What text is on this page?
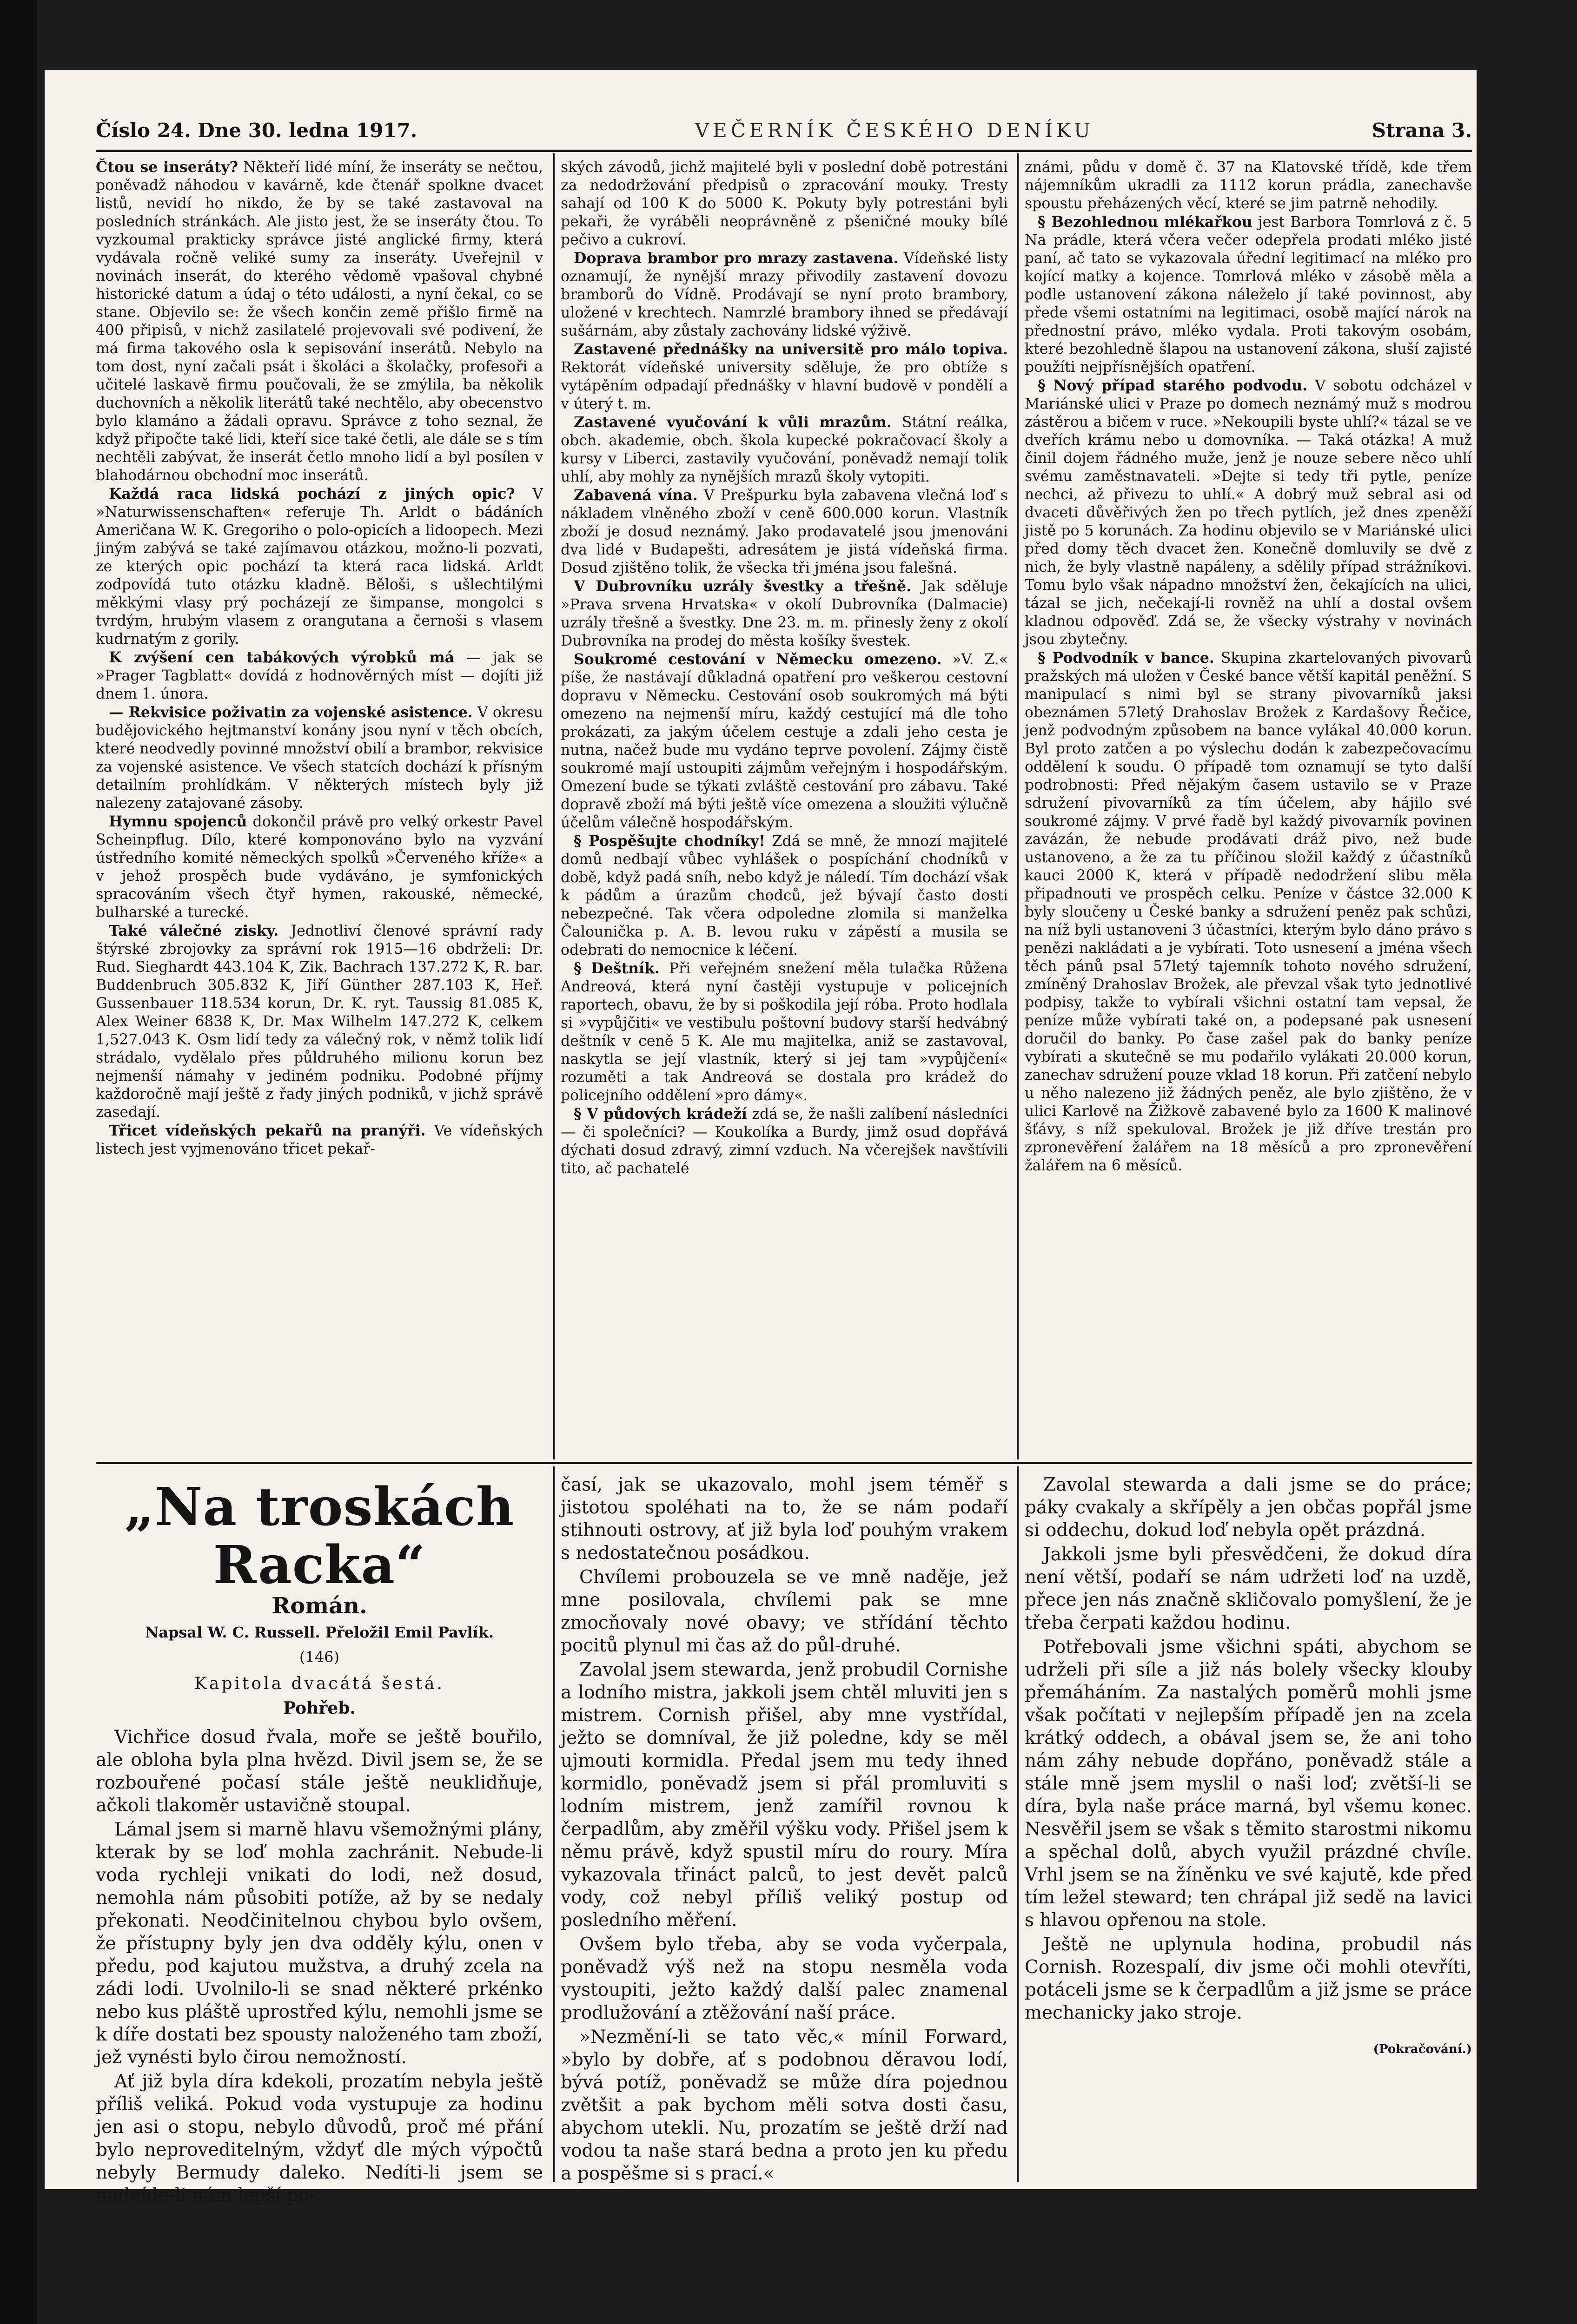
Číslo 24. Dne 30. ledna 1917.	VEČERNÍK ČESKÉHO DENÍKU	Strana 3.

Čtou se inseráty? Někteří lidé míní, že inseráty se nečtou, poněvadž náhodou v kavárně, kde čtenář spolkne dvacet listů, nevidí ho nikdo, že by se také zastavoval na posledních stránkách. Ale jisto jest, že se inseráty čtou. To vyzkoumal prakticky správce jisté anglické firmy, která vydávala ročně veliké sumy za inseráty. Uveřejnil v novinách inserát, do kterého vědomě vpašoval chybné historické datum a údaj o této události, a nyní čekal, co se stane. Objevilo se: že všech končin země přišlo firmě na 400 připisů, v nichž zasilatelé projevovali své podivení, že má firma takového osla k sepisování inserátů. Nebylo na tom dost, nyní začali psát i školáci a školačky, profesoři a učitelé laskavě firmu poučovali, že se zmýlila, ba několik duchovních a několik literátů také nechtělo, aby obecenstvo bylo klamáno a žádali opravu. Správce z toho seznal, že když připočte také lidi, kteří sice také četli, ale dále se s tím nechtěli zabývat, že inserát četlo mnoho lidí a byl posílen v blahodárnou obchodní moc inserátů.

Každá raca lidská pochází z jiných opic? V »Naturwissenschaften« referuje Th. Arldt o bádáních Američana W. K. Gregoriho o polo-opicích a lidoopech. Mezi jiným zabývá se také zajímavou otázkou, možno-li pozvati, ze kterých opic pochází ta která raca lidská. Arldt zodpovídá tuto otázku kladně. Běloši, s ušlechtilými měkkými vlasy prý pocházejí ze šimpanse, mongolci s tvrdým, hrubým vlasem z orangutana a černoši s vlasem kudrnatým z gorily.

K zvýšení cen tabákových výrobků má — jak se »Prager Tagblatt« dovídá z hodnověrných míst — dojíti již dnem 1. února.

— Rekvisice poživatin za vojenské asistence. V okresu budějovického hejtmanství konány jsou nyní v těch obcích, které neodvedly povinné množství obilí a brambor, rekvisice za vojenské asistence. Ve všech statcích dochází k přísným detailním prohlídkám. V některých místech byly již nalezeny zatajované zásoby.

Hymnu spojenců dokončil právě pro velký orkestr Pavel Scheinpflug. Dílo, které komponováno bylo na vyzvání ústředního komité německých spolků »Červeného kříže« a v jehož prospěch bude vydáváno, je symfonických spracováním všech čtyř hymen, rakouské, německé, bulharské a turecké.

Také válečné zisky. Jednotliví členové správní rady štýrské zbrojovky za správní rok 1915—16 obdrželi: Dr. Rud. Sieghardt 443.104 K, Zik. Bachrach 137.272 K, R. bar. Buddenbruch 305.832 K, Jiří Günther 287.103 K, Heř. Gussenbauer 118.534 korun, Dr. K. ryt. Taussig 81.085 K, Alex Weiner 6838 K, Dr. Max Wilhelm 147.272 K, celkem 1,527.043 K. Osm lidí tedy za válečný rok, v němž tolik lidí strádalo, vydělalo přes půldruhého milionu korun bez nejmenší námahy v jediném podniku. Podobné příjmy každoročně mají ještě z řady jiných podniků, v jichž správě zasedají.

Třicet vídeňských pekařů na pranýři. Ve vídeňských listech jest vyjmenováno třicet pekař-

ských závodů, jichž majitelé byli v poslední době potrestáni za nedodržování předpisů o zpracování mouky. Tresty sahají od 100 K do 5000 K. Pokuty byly potrestáni byli pekaři, že vyráběli neoprávněně z pšeničné mouky bílé pečivo a cukroví.

Doprava brambor pro mrazy zastavena. Vídeňské listy oznamují, že nynější mrazy přivodily zastavení dovozu bramborů do Vídně. Prodávají se nyní proto brambory, uložené v krechtech. Namrzlé brambory ihned se předávají sušárnám, aby zůstaly zachovány lidské výživě.

Zastavené přednášky na universitě pro málo topiva. Rektorát vídeňské university sděluje, že pro obtíže s vytápěním odpadají přednášky v hlavní budově v pondělí a v úterý t. m.

Zastavené vyučování k vůli mrazům. Státní reálka, obch. akademie, obch. škola kupecké pokračovací školy a kursy v Liberci, zastavily vyučování, poněvadž nemají tolik uhlí, aby mohly za nynějších mrazů školy vytopiti.

Zabavená vína. V Prešpurku byla zabavena vlečná loď s nákladem vlněného zboží v ceně 600.000 korun. Vlastník zboží je dosud neznámý. Jako prodavatelé jsou jmenováni dva lidé v Budapešti, adresátem je jistá vídeňská firma. Dosud zjištěno tolik, že všecka tři jména jsou falešná.

V Dubrovníku uzrály švestky a třešně. Jak sděluje »Prava srvena Hrvatska« v okolí Dubrovníka (Dalmacie) uzrály třešně a švestky. Dne 23. m. m. přinesly ženy z okolí Dubrovníka na prodej do města košíky švestek.

Soukromé cestování v Německu omezeno. »V. Z.« píše, že nastávají důkladná opatření pro veškerou cestovní dopravu v Německu. Cestování osob soukromých má býti omezeno na nejmenší míru, každý cestující má dle toho prokázati, za jakým účelem cestuje a zdali jeho cesta je nutna, načež bude mu vydáno teprve povolení. Zájmy čistě soukromé mají ustoupiti zájmům veřejným i hospodářským. Omezení bude se týkati zvláště cestování pro zábavu. Také dopravě zboží má býti ještě více omezena a sloužiti výlučně účelům válečně hospodářským.

§ Pospěšujte chodníky! Zdá se mně, že mnozí majitelé domů nedbají vůbec vyhlášek o pospíchání chodníků v době, když padá sníh, nebo když je náledí. Tím dochází však k pádům a úrazům chodců, jež bývají často dosti nebezpečné. Tak včera odpoledne zlomila si manželka Čalounička p. A. B. levou ruku v zápěstí a musila se odebrati do nemocnice k léčení.

§ Deštník. Při veřejném snežení měla tulačka Růžena Andreová, která nyní častěji vystupuje v policejních raportech, obavu, že by si poškodila její róba. Proto hodlala si »vypůjčiti« ve vestibulu poštovní budovy starší hedvábný deštník v ceně 5 K. Ale mu majitelka, aniž se zastavoval, naskytla se její vlastník, který si jej tam »vypůjčení« rozuměti a tak Andreová se dostala pro krádež do policejního oddělení »pro dámy«.

§ V půdových krádeží zdá se, že našli zalíbení následníci — či společníci? — Koukolíka a Burdy, jimž osud dopřává dýchati dosud zdravý, zimní vzduch. Na včerejšek navštívili tito, ač pachatelé

známi, půdu v domě č. 37 na Klatovské třídě, kde třem nájemníkům ukradli za 1112 korun prádla, zanechavše spoustu přeházených věcí, které se jim patrně nehodily.

§ Bezohlednou mlékařkou jest Barbora Tomrlová z č. 5 Na prádle, která včera večer odepřela prodati mléko jisté paní, ač tato se vykazovala úřední legitimací na mléko pro kojící matky a kojence. Tomrlová mléko v zásobě měla a podle ustanovení zákona náleželo jí také povinnost, aby přede všemi ostatními na legitimaci, osobě mající nárok na přednostní právo, mléko vydala. Proti takovým osobám, které bezohledně šlapou na ustanovení zákona, sluší zajisté použíti nejpřísnějších opatření.

§ Nový případ starého podvodu. V sobotu odcházel v Mariánské ulici v Praze po domech neznámý muž s modrou zástěrou a bičem v ruce. »Nekoupili byste uhlí?« tázal se ve dveřích krámu nebo u domovníka. — Taká otázka! A muž činil dojem řádného muže, jenž je nouze sebere něco uhlí svému zaměstnavateli. »Dejte si tedy tři pytle, peníze nechci, až přivezu to uhlí.« A dobrý muž sebral asi od dvaceti důvěřivých žen po třech pytlích, jež dnes zpeněží jistě po 5 korunách. Za hodinu objevilo se v Mariánské ulici před domy těch dvacet žen. Konečně domluvily se dvě z nich, že byly vlastně napáleny, a sdělily případ strážníkovi. Tomu bylo však nápadno množství žen, čekajících na ulici, tázal se jich, nečekají-li rovněž na uhlí a dostal ovšem kladnou odpověď. Zdá se, že všecky výstrahy v novinách jsou zbytečny.

§ Podvodník v bance. Skupina zkartelovaných pivovarů pražských má uložen v České bance větší kapitál peněžní. S manipulací s nimi byl se strany pivovarníků jaksi obeznámen 57letý Drahoslav Brožek z Kardašovy Řečice, jenž podvodným způsobem na bance vylákal 40.000 korun. Byl proto zatčen a po výslechu dodán k zabezpečovacímu oddělení k soudu. O případě tom oznamují se tyto další podrobnosti: Před nějakým časem ustavilo se v Praze sdružení pivovarníků za tím účelem, aby hájilo své soukromé zájmy. V prvé řadě byl každý pivovarník povinen zavázán, že nebude prodávati dráž pivo, než bude ustanoveno, a že za tu příčinou složil každý z účastníků kauci 2000 K, která v případě nedodržení slibu měla připadnouti ve prospěch celku. Peníze v částce 32.000 K byly sloučeny u České banky a sdružení peněz pak schůzi, na níž byli ustanoveni 3 účastníci, kterým bylo dáno právo s penězi nakládati a je vybírati. Toto usnesení a jména všech těch pánů psal 57letý tajemník tohoto nového sdružení, zmíněný Drahoslav Brožek, ale převzal však tyto jednotlivé podpisy, takže to vybírali všichni ostatní tam vepsal, že peníze může vybírati také on, a podepsané pak usnesení doručil do banky. Po čase zašel pak do banky peníze vybírati a skutečně se mu podařilo vylákati 20.000 korun, zanechav sdružení pouze vklad 18 korun. Při zatčení nebylo u něho nalezeno již žádných peněz, ale bylo zjištěno, že v ulici Karlově na Žižkově zabavené bylo za 1600 K malinové šťávy, s níž spekuloval. Brožek je již dříve trestán pro zpronevěření žalářem na 18 měsíců a pro zpronevěření žalářem na 6 měsíců.

„Na troskách Racka“
Román.
Napsal W. C. Russell. Přeložil Emil Pavlík.
(146)
Kapitola dvacátá šestá.
Pohřeb.

Vichřice dosud řvala, moře se ještě bouřilo, ale obloha byla plna hvězd. Divil jsem se, že se rozbouřené počasí stále ještě neuklidňuje, ačkoli tlakoměr ustavičně stoupal.

Lámal jsem si marně hlavu všemožnými plány, kterak by se loď mohla zachránit. Nebude-li voda rychleji vnikati do lodi, než dosud, nemohla nám působiti potíže, až by se nedaly překonati. Neodčinitelnou chybou bylo ovšem, že přístupny byly jen dva odděly kýlu, onen v předu, pod kajutou mužstva, a druhý zcela na zádi lodi. Uvolnilo-li se snad některé prkénko nebo kus pláště uprostřed kýlu, nemohli jsme se k díře dostati bez spousty naloženého tam zboží, jež vynésti bylo čirou nemožností.

Ať již byla díra kdekoli, prozatím nebyla ještě příliš veliká. Pokud voda vystupuje za hodinu jen asi o stopu, nebylo důvodů, proč mé přání bylo neproveditelným, vždyť dle mých výpočtů nebyly Bermudy daleko. Nedíti-li jsem se nadeíde-li nám lepší po-

časí, jak se ukazovalo, mohl jsem téměř s jistotou spoléhati na to, že se nám podaří stihnouti ostrovy, ať již byla loď pouhým vrakem s nedostatečnou posádkou.

Chvílemi probouzela se ve mně naděje, jež mne posilovala, chvílemi pak se mne zmocňovaly nové obavy; ve střídání těchto pocitů plynul mi čas až do půl-druhé.

Zavolal jsem stewarda, jenž probudil Cornishe a lodního mistra, jakkoli jsem chtěl mluviti jen s mistrem. Cornish přišel, aby mne vystřídal, ježto se domníval, že již poledne, kdy se měl ujmouti kormidla. Předal jsem mu tedy ihned kormidlo, poněvadž jsem si přál promluviti s lodním mistrem, jenž zamířil rovnou k čerpadlům, aby změřil výšku vody. Přišel jsem k němu právě, když spustil míru do roury. Míra vykazovala třináct palců, to jest devět palců vody, což nebyl příliš veliký postup od posledního měření.

Ovšem bylo třeba, aby se voda vyčerpala, poněvadž výš než na stopu nesměla voda vystoupiti, ježto každý další palec znamenal prodlužování a ztěžování naší práce.

»Nezmění-li se tato věc,« mínil Forward, »bylo by dobře, ať s podobnou děravou lodí, bývá potíž, poněvadž se může díra pojednou zvětšit a pak bychom měli sotva dosti času, abychom utekli. Nu, prozatím se ještě drží nad vodou ta naše stará bedna a proto jen ku předu a pospěšme si s prací.«

Zavolal stewarda a dali jsme se do práce; páky cvakaly a skřípěly a jen občas popřál jsme si oddechu, dokud loď nebyla opět prázdná.

Jakkoli jsme byli přesvědčeni, že dokud díra není větší, podaří se nám udržeti loď na uzdě, přece jen nás značně skličovalo pomyšlení, že je třeba čerpati každou hodinu.

Potřebovali jsme všichni spáti, abychom se udrželi při síle a již nás bolely všecky klouby přemáháním. Za nastalých poměrů mohli jsme však počítati v nejlepším případě jen na zcela krátký oddech, a obával jsem se, že ani toho nám záhy nebude dopřáno, poněvadž stále a stále mně jsem myslil o naši loď; zvětší-li se díra, byla naše práce marná, byl všemu konec. Nesvěřil jsem se však s těmito starostmi nikomu a spěchal dolů, abych využil prázdné chvíle. Vrhl jsem se na žíněnku ve své kajutě, kde před tím ležel steward; ten chrápal již sedě na lavici s hlavou opřenou na stole.

Ještě ne uplynula hodina, probudil nás Cornish. Rozespalí, div jsme oči mohli otevříti, potáceli jsme se k čerpadlům a již jsme se práce mechanicky jako stroje.

(Pokračování.)
